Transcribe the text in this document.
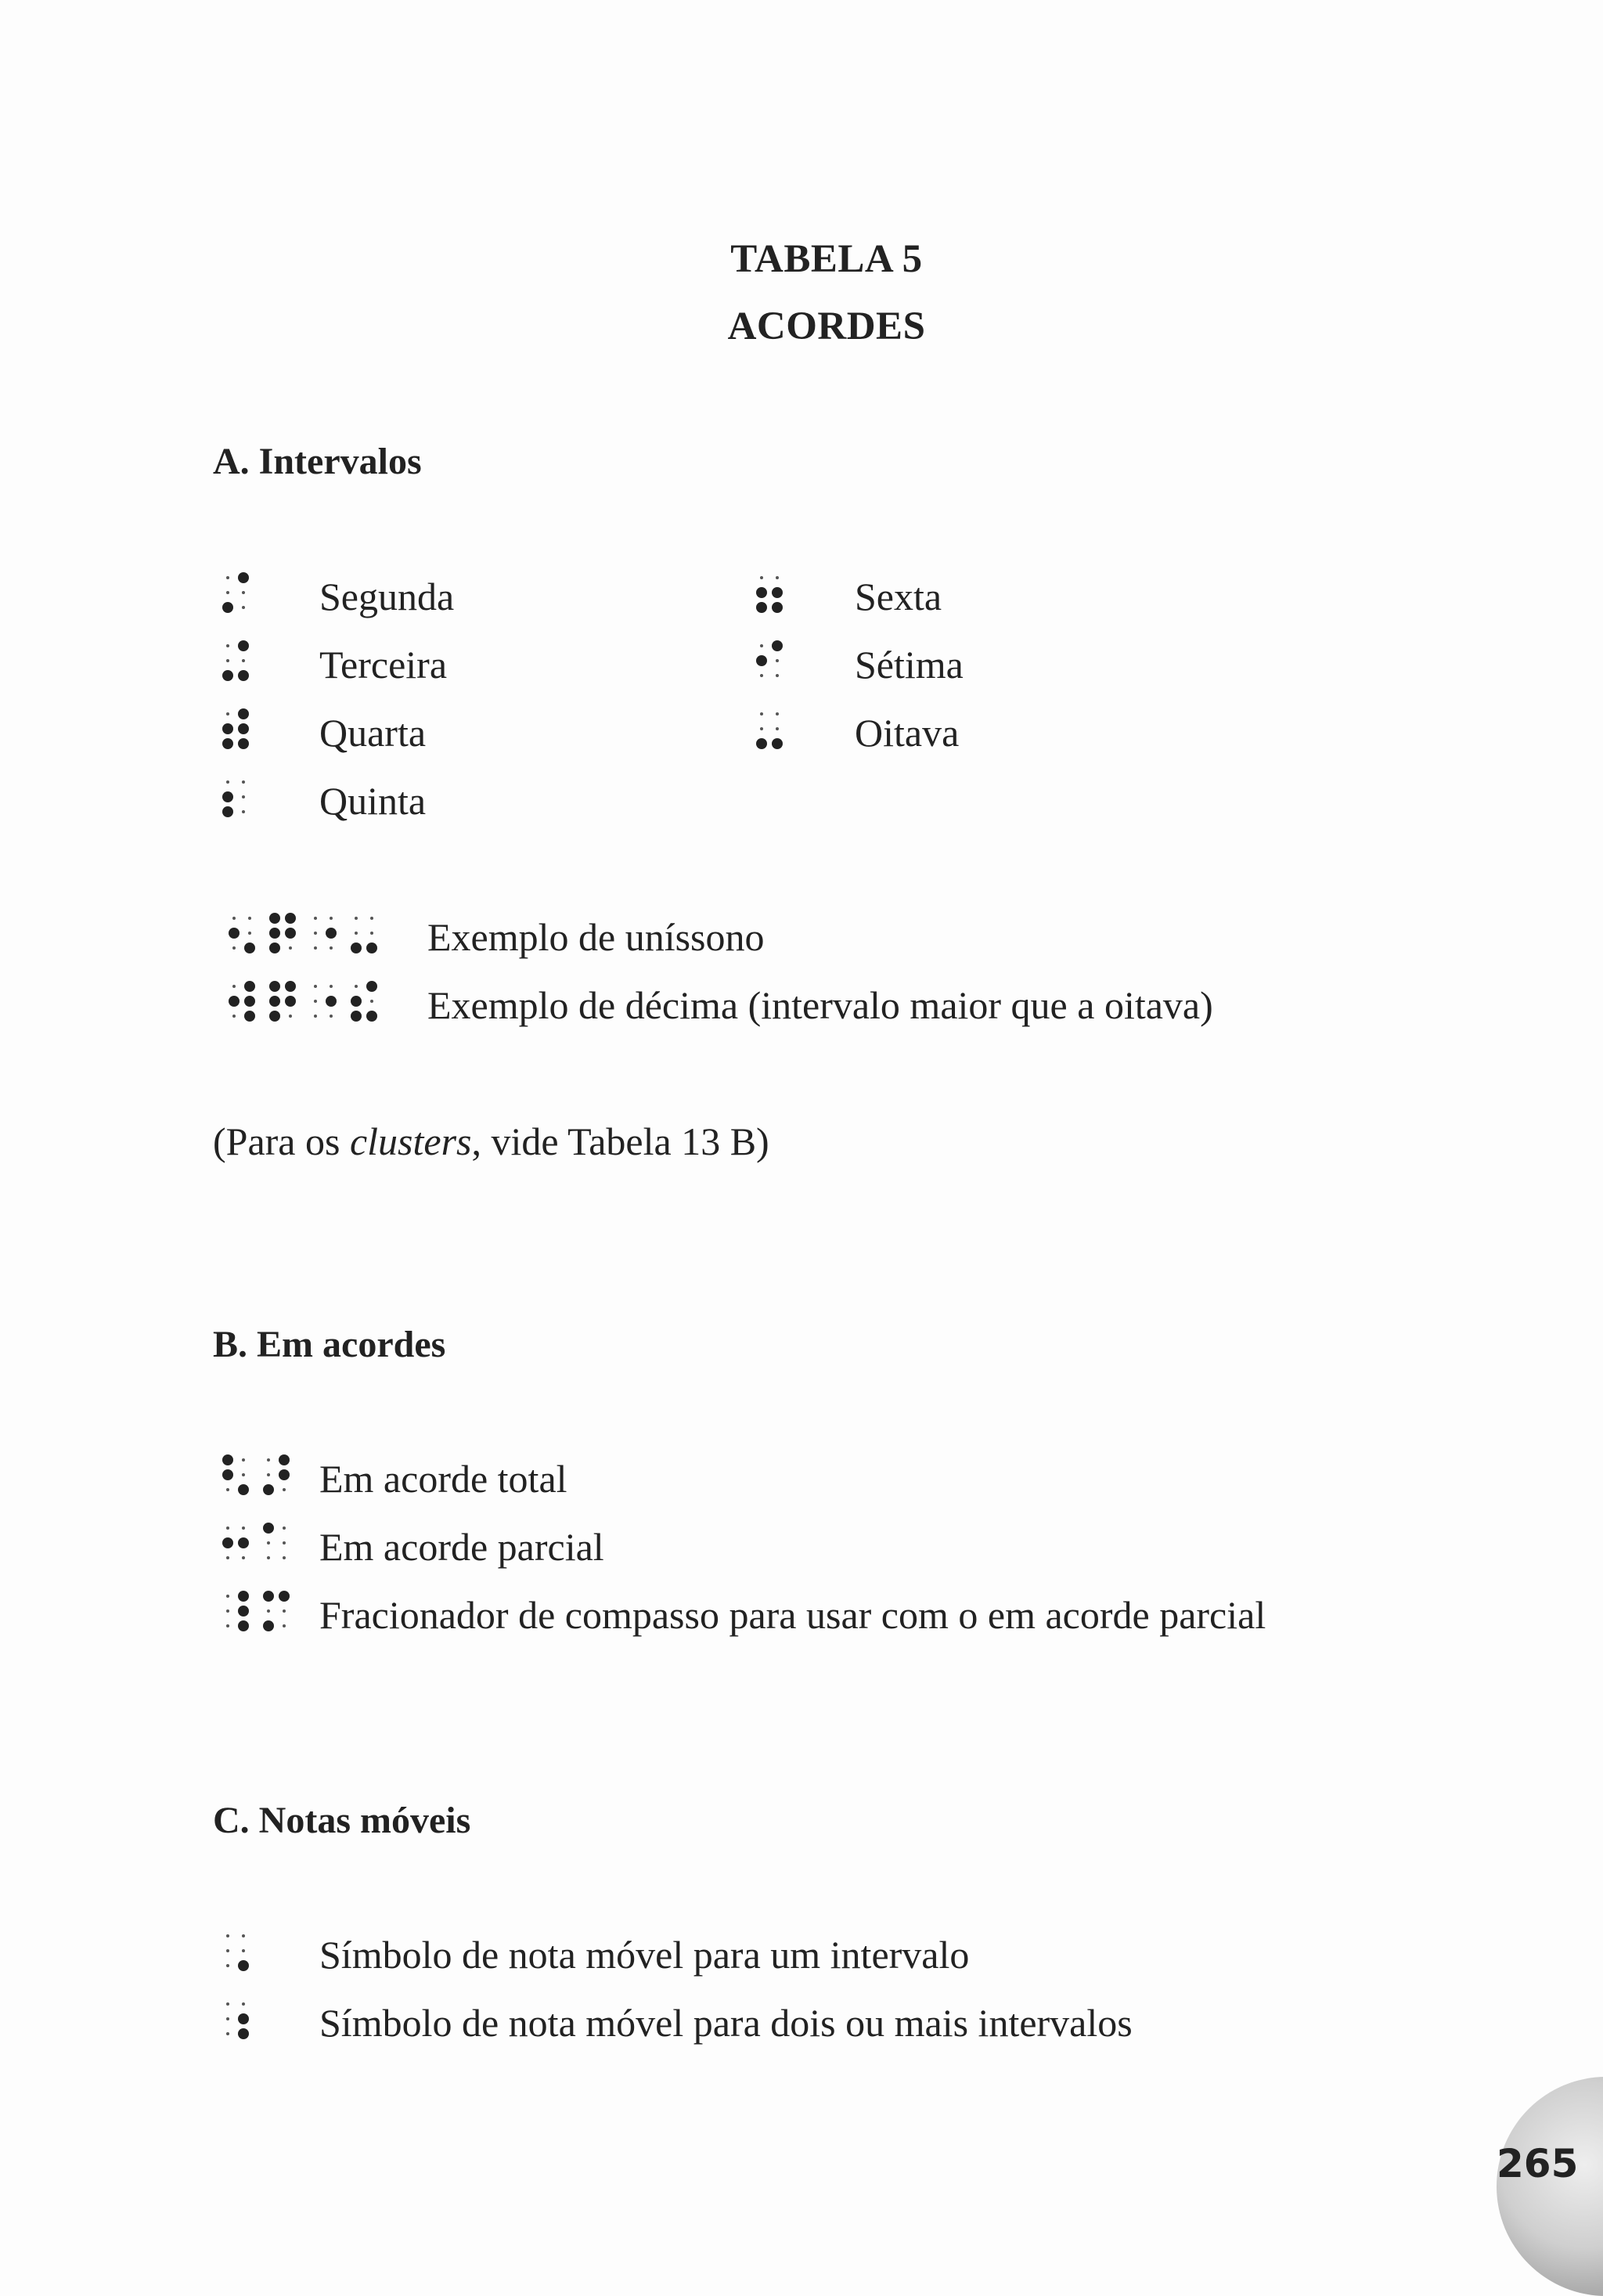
TABELA 5
ACORDES
A. Intervalos
Segunda
Terceira
Quarta
Quinta
Sexta
Sétima
Oitava
Exemplo de uníssono
Exemplo de décima (intervalo maior que a oitava)
(Para os clusters, vide Tabela 13 B)
B. Em acordes
Em acorde total
Em acorde parcial
Fracionador de compasso para usar com o em acorde parcial
C. Notas móveis
Símbolo de nota móvel para um intervalo
Símbolo de nota móvel para dois ou mais intervalos
265
